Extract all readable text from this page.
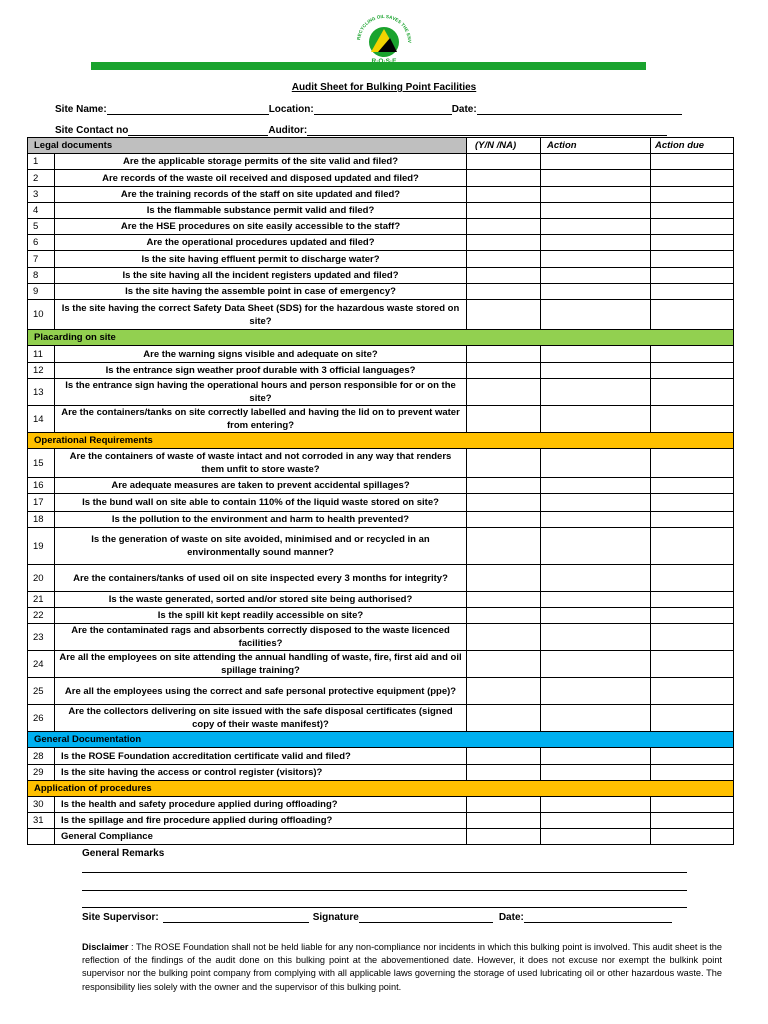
RECYCLING OIL SAVES THE ENV
Audit Sheet for Bulking Point Facilities
Site Name:	Location:	Date:
Site Contact no	Auditor:
Legal documents		(Y/N /NA)	Action	Action due
1	Are the applicable storage permits of the site valid and filed?			
2	Are records of the waste oil received and disposed updated and filed?			
3	Are the training records of the staff on site updated and filed?			
4	Is the flammable substance permit valid and filed?			
5	Are the HSE procedures on site easily accessible to the staff?			
6	Are the operational procedures updated and filed?			
7	Is the site having effluent permit to discharge water?			
8	Is the site having all the incident registers updated and filed?			
9	Is the site having the assemble point in case of emergency?			
10	Is the site having the correct Safety Data Sheet (SDS) for the hazardous waste stored on site?			
Placarding on site				
11	Are the warning signs visible and adequate on site?			
12	Is the entrance sign weather proof durable with 3 official languages?			
13	Is the entrance sign having the operational hours and person responsible for or on the site?			
14	Are the containers/tanks on site correctly labelled and having the lid on to prevent water from entering?			
Operational Requirements				
15	Are the containers of waste of waste intact and not corroded in any way that renders them unfit to store waste?			
16	Are adequate measures are taken to prevent accidental spillages?			
17	Is the bund wall on site able to contain 110% of the liquid waste stored on site?			
18	Is the pollution to the environment and harm to health prevented?			
19	Is the generation of waste on site avoided, minimised and or recycled in an environmentally sound manner?			
20	Are the containers/tanks of used oil on site inspected every 3 months for integrity?			
21	Is the waste generated, sorted and/or stored site being authorised?			
22	Is the spill kit kept readily accessible on site?			
23	Are the contaminated rags and absorbents correctly disposed to the waste licenced facilities?			
24	Are all the employees on site attending the annual handling of waste, fire, first aid and oil spillage training?			
25	Are all the employees using the correct and safe personal protective equipment (ppe)?			
26	Are the collectors delivering on site issued with the safe disposal certificates (signed copy of their waste manifest)?			
General Documentation				
28	Is the ROSE Foundation accreditation certificate valid and filed?			
29	Is the site having the access or control register (visitors)?			
Application of procedures				
30	Is the health and safety procedure applied during offloading?			
31	Is the spillage and fire procedure applied during offloading?			
	General Compliance			
General Remarks
Site Supervisor:	Signature	Date:
Disclaimer : The ROSE Foundation shall not be held liable for any non-compliance nor incidents in which this bulking point is involved. This audit sheet is the reflection of the findings of the audit done on this bulking point at the abovementioned date. However, it does not excuse nor exempt the bulkink point supervisor nor the bulking point company from complying with all applicable laws governing the storage of used lubricating oil or other hazardous waste. The responsibility lies solely with the owner and the supervisor of this bulking point.
